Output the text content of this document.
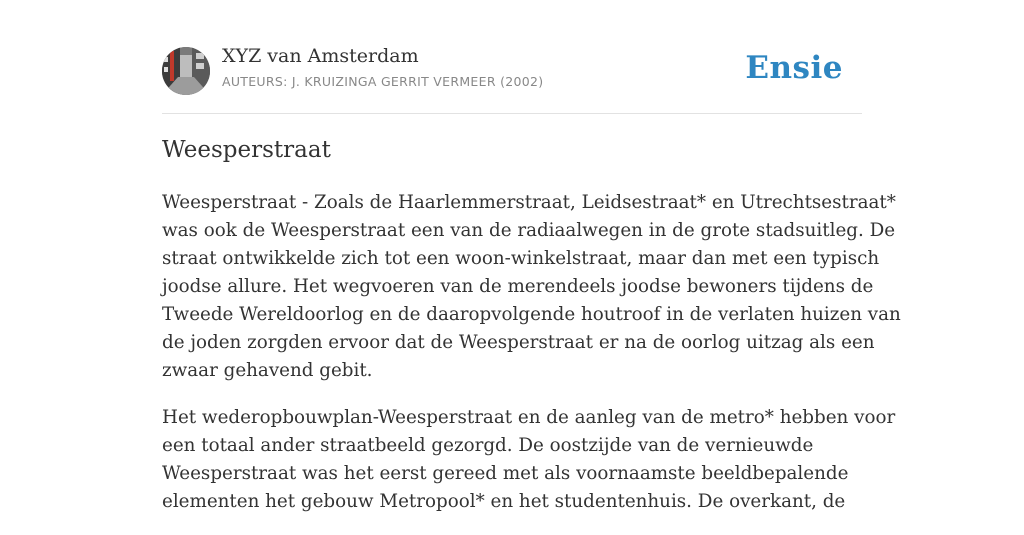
XYZ van Amsterdam
AUTEURS: J. KRUIZINGA GERRIT VERMEER (2002)	Ensie
Weesperstraat

Weesperstraat - Zoals de Haarlemmerstraat, Leidsestraat* en Utrechtsestraat*
was ook de Weesperstraat een van de radiaalwegen in de grote stadsuitleg. De
straat ontwikkelde zich tot een woon-winkelstraat, maar dan met een typisch
joodse allure. Het wegvoeren van de merendeels joodse bewoners tijdens de
Tweede Wereldoorlog en de daaropvolgende houtroof in de verlaten huizen van
de joden zorgden ervoor dat de Weesperstraat er na de oorlog uitzag als een
zwaar gehavend gebit.

Het wederopbouwplan-Weesperstraat en de aanleg van de metro* hebben voor
een totaal ander straatbeeld gezorgd. De oostzijde van de vernieuwde
Weesperstraat was het eerst gereed met als voornaamste beeldbepalende
elementen het gebouw Metropool* en het studentenhuis. De overkant, de
